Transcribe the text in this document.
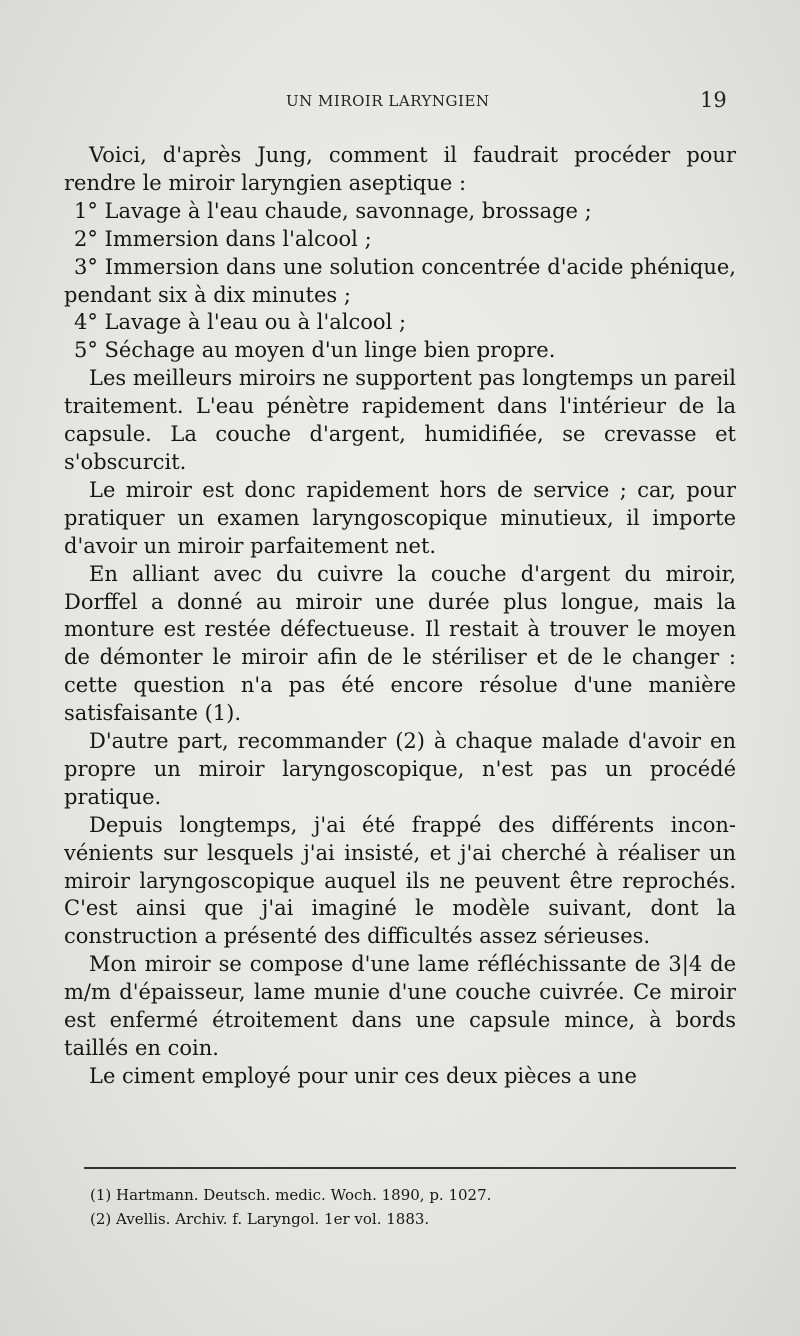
UN MIROIR LARYNGIEN	19

Voici, d'après Jung, comment il faudrait procéder pour rendre le miroir laryngien aseptique :

1° Lavage à l'eau chaude, savonnage, brossage ;

2° Immersion dans l'alcool ;

3° Immersion dans une solution concentrée d'acide phénique, pendant six à dix minutes ;

4° Lavage à l'eau ou à l'alcool ;

5° Séchage au moyen d'un linge bien propre.

Les meilleurs miroirs ne supportent pas longtemps un pareil traitement. L'eau pénètre rapidement dans l'intérieur de la capsule. La couche d'argent, humidifiée, se crevasse et s'obscurcit.

Le miroir est donc rapidement hors de service ; car, pour pratiquer un examen laryngoscopique minutieux, il importe d'avoir un miroir parfaitement net.

En alliant avec du cuivre la couche d'argent du miroir, Dorffel a donné au miroir une durée plus longue, mais la monture est restée défectueuse. Il restait à trouver le moyen de démonter le miroir afin de le stériliser et de le changer : cette question n'a pas été encore résolue d'une manière satisfaisante (1).

D'autre part, recommander (2) à chaque malade d'avoir en propre un miroir laryngoscopique, n'est pas un procédé pratique.

Depuis longtemps, j'ai été frappé des différents inconvénients sur lesquels j'ai insisté, et j'ai cherché à réaliser un miroir laryngoscopique auquel ils ne peuvent être reprochés. C'est ainsi que j'ai imaginé le modèle suivant, dont la construction a présenté des difficultés assez sérieuses.

Mon miroir se compose d'une lame réfléchissante de 3|4 de m/m d'épaisseur, lame munie d'une couche cuivrée. Ce miroir est enfermé étroitement dans une capsule mince, à bords taillés en coin.

Le ciment employé pour unir ces deux pièces a une

(1) Hartmann. Deutsch. medic. Woch. 1890, p. 1027.

(2) Avellis. Archiv. f. Laryngol. 1er vol. 1883.
